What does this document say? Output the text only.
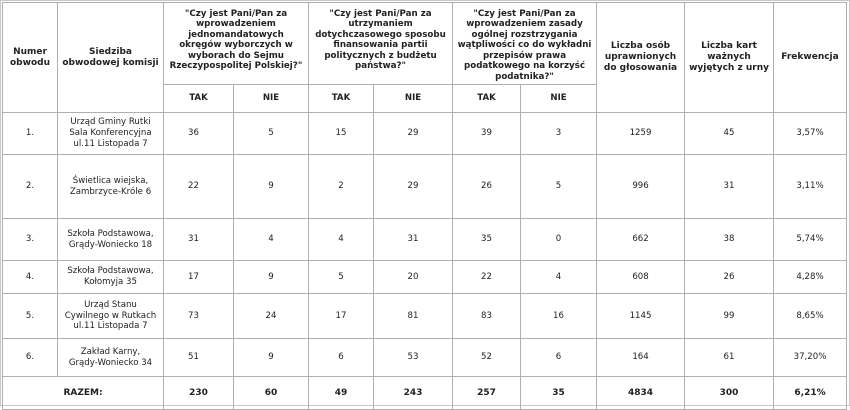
Numer obwodu	Siedziba obwodowej komisji	"Czy jest Pani/Pan za wprowadzeniem jednomandatowych okręgów wyborczych w wyborach do Sejmu Rzeczypospolitej Polskiej?"		"Czy jest Pani/Pan za utrzymaniem dotychczasowego sposobu finansowania partii politycznych z budżetu państwa?"		"Czy jest Pani/Pan za wprowadzeniem zasady ogólnej rozstrzygania wątpliwości co do wykładni przepisów prawa podatkowego na korzyść podatnika?"		Liczba osób uprawnionych do głosowania	Liczba kart ważnych wyjętych z urny	Frekwencja
		TAK	NIE	TAK	NIE	TAK	NIE			
1.	Urząd Gminy Rutki
Sala Konferencyjna
ul.11 Listopada 7	36	5	15	29	39	3	1259	45	3,57%
2.	Świetlica wiejska,
Zambrzyce-Króle 6	22	9	2	29	26	5	996	31	3,11%
3.	Szkoła Podstawowa,
Grądy-Woniecko 18	31	4	4	31	35	0	662	38	5,74%
4.	Szkoła Podstawowa,
Kołomyja 35	17	9	5	20	22	4	608	26	4,28%
5.	Urząd Stanu
Cywilnego w Rutkach
ul.11 Listopada 7	73	24	17	81	83	16	1145	99	8,65%
6.	Zakład Karny,
Grądy-Woniecko 34	51	9	6	53	52	6	164	61	37,20%
RAZEM:		230	60	49	243	257	35	4834	300	6,21%
